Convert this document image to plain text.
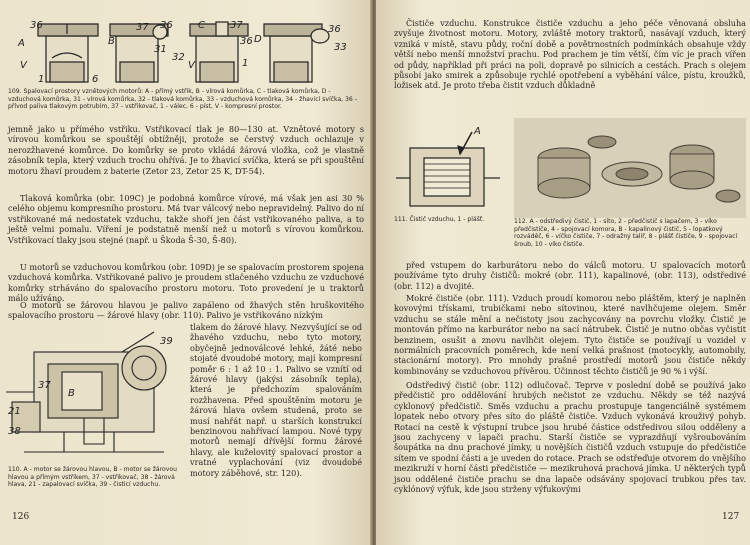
36
A
V
1	6
B
37 36
31
32
C	37
36
V	1
D
36
33
109. Spalovací prostory vznětových motorů: A - přímý vstřik, B - vírová komůrka, C - tlaková komůrka, D - vzduchová komůrka, 31 - vírová komůrka, 32 - tlaková komůrka, 33 - vzduchová komůrka, 34 - žhavicí svíčka, 36 - přívod paliva tlakovým potrubím, 37 - vstřikovač, 1 - válec, 6 - píst, V - kompresní prostor.
jemně jako u přímého vstřiku. Vstřikovací tlak je 80—130 at. Vznětové motory s vírovou komůrkou se spouštějí obtížněji, protože se čerstvý vzduch ochlazuje v nerozžhavené komůrce. Do komůrky se proto vkládá žárová vložka, což je vlastně zásobník tepla, který vzduch trochu ohřívá. Je to žhavicí svíčka, která se při spouštění motoru žhaví proudem z baterie (Zetor 23, Zetor 25 K, DT-54).
Tlaková komůrka (obr. 109C) je podobná komůrce vírové, má však jen asi 30 % celého objemu kompresního prostoru. Má tvar válcový nebo nepravidelný. Palivo do ní vstřikované má nedostatek vzduchu, takže shoří jen část vstřikovaného paliva, a to ještě velmi pomalu. Víření je podstatně menší než u motorů s vírovou komůrkou. Vstřikovací tlaky jsou stejné (např. u Škoda Š-30, Š-80).
U motorů se vzduchovou komůrkou (obr. 109D) je se spalovacím prostorem spojena vzduchová komůrka. Vstřikované palivo je proudem stlačeného vzduchu ze vzduchové komůrky strháváno do spalovacího prostoru motoru. Toto provedení je u traktorů málo užíváno.
O motorů se žárovou hlavou je palivo zapáleno od žhavých stěn hruškovitého spalovacího prostoru — žárové hlavy (obr. 110). Palivo je vstřikováno nízkým
39
37
B
21
38
tlakem do žárové hlavy. Nezvyšující se od žhavého vzduchu, nebo tyto motory, obyčejně jednoválcové lehké, žáté nebo stojaté dvoudobé motory, mají kompresní poměr 6 : 1 až 10 : 1. Palivo se vznítí od žárové hlavy (jakýsi zásobník tepla), která je předchozím spalováním rozžhavena. Před spouštěním motoru je žárová hlava ovšem studená, proto se musí nahřát např. u starších konstrukcí benzinovou nahřívací lampou. Nové typy motorů nemají dřívější formu žárové hlavy, ale kuželovitý spalovací prostor a vratné vyplachování (viz dvoudobé motory záběhové, str. 120).
110. A - motor se žárovou hlavou, B - motor se žárovou hlavou a přímým vstřikem, 37 - vstřikovač, 38 - žárová hlava, 21 - zapalovací svíčka, 39 - čisticí vzduchu.
126
Čističe vzduchu. Konstrukce čističe vzduchu a jeho péče věnovaná obsluha zvyšuje životnost motoru. Motory, zvláště motory traktorů, nasávají vzduch, který vzniká v místě, stavu půdy, roční době a povětrnostních podmínkách obsahuje vždy větší nebo menší množství prachu. Pod prachem je tím větší, čím víc je prach vířen od půdy, například při práci na poli, dopravě po silnicích a cestách. Prach s olejem působí jako smirek a způsobuje rychlé opotřebení a vyběhání válce, pístu, kroužků, ložisek atd. Je proto třeba čistit vzduch důkladně
A
111. Čistič vzduchu, 1 - plášť.	112. A - odstředivý čistič, 1 - síto, 2 - předčistič s lapačem, 3 - víko předčističe, 4 - spojovací komora, B - kapalinový čistič, 5 - lopatkový rozváděč, 6 - víčko čističe, 7 - odražný talíř, 8 - plášť čističe, 9 - spojovací šroub, 10 - víko čističe.
před vstupem do karburátoru nebo do válců motoru. U spalovacích motorů používáme tyto druhy čističů: mokré (obr. 111), kapalinové, (obr. 113), odstředivé (obr. 112) a dvojité.
Mokré čističe (obr. 111). Vzduch proudí komorou nebo pláštěm, který je naplněn kovovými třískami, trubičkami nebo sítovinou, které navlhčujeme olejem. Směr vzduchu se stále mění a nečistoty jsou zachycovány na povrchu vložky. Čistič je montován přímo na karburátor nebo na sací nátrubek. Čistič je nutno občas vyčistit benzinem, osušit a znovu navlhčit olejem. Tyto čističe se používají u vozidel v normálních pracovních poměrech, kde není velká prašnost (motocykly, automobily, stacionární motory). Pro mnohdy prašné prostředí motorů jsou čističe někdy kombinovány se vzduchovou přívěrou. Účinnost těchto čističů je 90 % i výší.
Odstředivý čistič (obr. 112) odlučovač. Teprve v poslední době se používá jako předčistič pro oddělování hrubých nečistot ze vzduchu. Někdy se též nazývá cyklonový předčistič. Směs vzduchu a prachu prostupuje tangenciálně systémem lopatek nebo otvory přes síto do pláště čističe. Vzduch vykonává krouživý pohyb. Rotací na cestě k výstupní trubce jsou hrubé částice odstředivou silou odděleny a jsou zachyceny v lapači prachu. Starší čističe se vyprazdňují vyšroubováním šoupátka na dnu prachové jímky, u novějších čističů vzduch vstupuje do předčističe sítem ve spodní části a je uveden do rotace. Prach se odstřeďuje otvorem do vnějšího mezikruží v horní části předčističe — mezikruhová prachová jímka. U některých typů jsou oddělené čističe prachu se dna lapače odsávány spojovací trubkou přes tav. cyklónový výfuk, kde jsou strženy výfukovými
127
